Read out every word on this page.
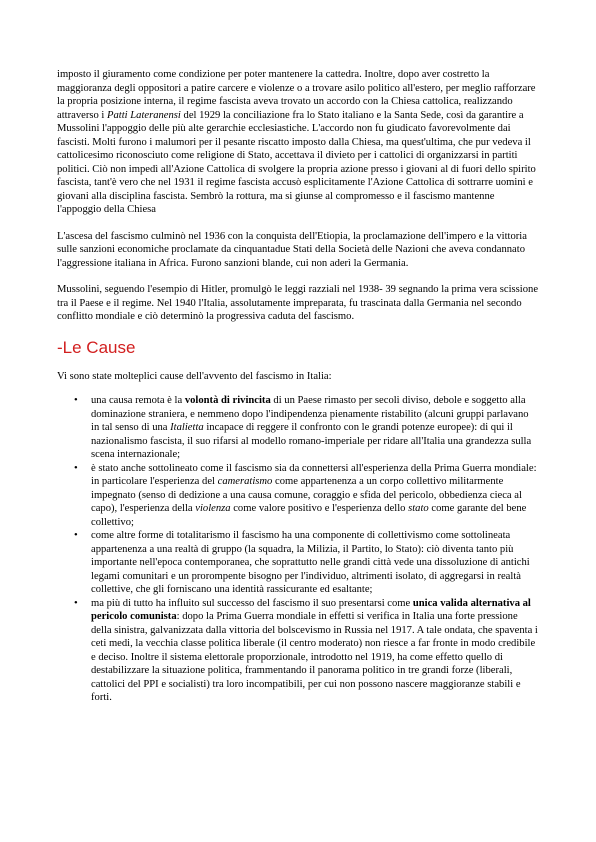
imposto il giuramento come condizione per poter mantenere la cattedra. Inoltre, dopo aver costretto la maggioranza degli oppositori a patire carcere e violenze o a trovare asilo politico all'estero, per meglio rafforzare la propria posizione interna, il regime fascista aveva trovato un accordo con la Chiesa cattolica, realizzando attraverso i Patti Lateranensi del 1929 la conciliazione fra lo Stato italiano e la Santa Sede, così da garantire a Mussolini l'appoggio delle più alte gerarchie ecclesiastiche. L'accordo non fu giudicato favorevolmente dai fascisti. Molti furono i malumori per il pesante riscatto imposto dalla Chiesa, ma quest'ultima, che pur vedeva il cattolicesimo riconosciuto come religione di Stato, accettava il divieto per i cattolici di organizzarsi in partiti politici. Ciò non impedì all'Azione Cattolica di svolgere la propria azione presso i giovani al di fuori dello spirito fascista, tant'è vero che nel 1931 il regime fascista accusò esplicitamente l'Azione Cattolica di sottrarre uomini e giovani alla disciplina fascista. Sembrò la rottura, ma si giunse al compromesso e il fascismo mantenne l'appoggio della Chiesa

L'ascesa del fascismo culminò nel 1936 con la conquista dell'Etiopia, la proclamazione dell'impero e la vittoria sulle sanzioni economiche proclamate da cinquantadue Stati della Società delle Nazioni che aveva condannato l'aggressione italiana in Africa. Furono sanzioni blande, cui non aderì la Germania.

Mussolini, seguendo l'esempio di Hitler, promulgò le leggi razziali nel 1938- 39 segnando la prima vera scissione tra il Paese e il regime. Nel 1940 l'Italia, assolutamente impreparata, fu trascinata dalla Germania nel secondo conflitto mondiale e ciò determinò la progressiva caduta del fascismo.

-Le Cause

Vi sono state molteplici cause dell'avvento del fascismo in Italia:

• una causa remota è la volontà di rivincita di un Paese rimasto per secoli diviso, debole e soggetto alla dominazione straniera, e nemmeno dopo l'indipendenza pienamente ristabilito (alcuni gruppi parlavano in tal senso di una Italietta incapace di reggere il confronto con le grandi potenze europee): di qui il nazionalismo fascista, il suo rifarsi al modello romano-imperiale per ridare all'Italia una grandezza sulla scena internazionale;
• è stato anche sottolineato come il fascismo sia da connettersi all'esperienza della Prima Guerra mondiale: in particolare l'esperienza del cameratismo come appartenenza a un corpo collettivo militarmente impegnato (senso di dedizione a una causa comune, coraggio e sfida del pericolo, obbedienza cieca al capo), l'esperienza della violenza come valore positivo e l'esperienza dello stato come garante del bene collettivo;
• come altre forme di totalitarismo il fascismo ha una componente di collettivismo come sottolineata appartenenza a una realtà di gruppo (la squadra, la Milizia, il Partito, lo Stato): ciò diventa tanto più importante nell'epoca contemporanea, che soprattutto nelle grandi città vede una dissoluzione di antichi legami comunitari e un prorompente bisogno per l'individuo, altrimenti isolato, di aggregarsi in realtà collettive, che gli forniscano una identità rassicurante ed esaltante;
• ma più di tutto ha influito sul successo del fascismo il suo presentarsi come unica valida alternativa al pericolo comunista: dopo la Prima Guerra mondiale in effetti si verifica in Italia una forte pressione della sinistra, galvanizzata dalla vittoria del bolscevismo in Russia nel 1917. A tale ondata, che spaventa i ceti medi, la vecchia classe politica liberale (il centro moderato) non riesce a far fronte in modo credibile e deciso. Inoltre il sistema elettorale proporzionale, introdotto nel 1919, ha come effetto quello di destabilizzare la situazione politica, frammentando il panorama politico in tre grandi forze (liberali, cattolici del PPI e socialisti) tra loro incompatibili, per cui non possono nascere maggioranze stabili e forti.
